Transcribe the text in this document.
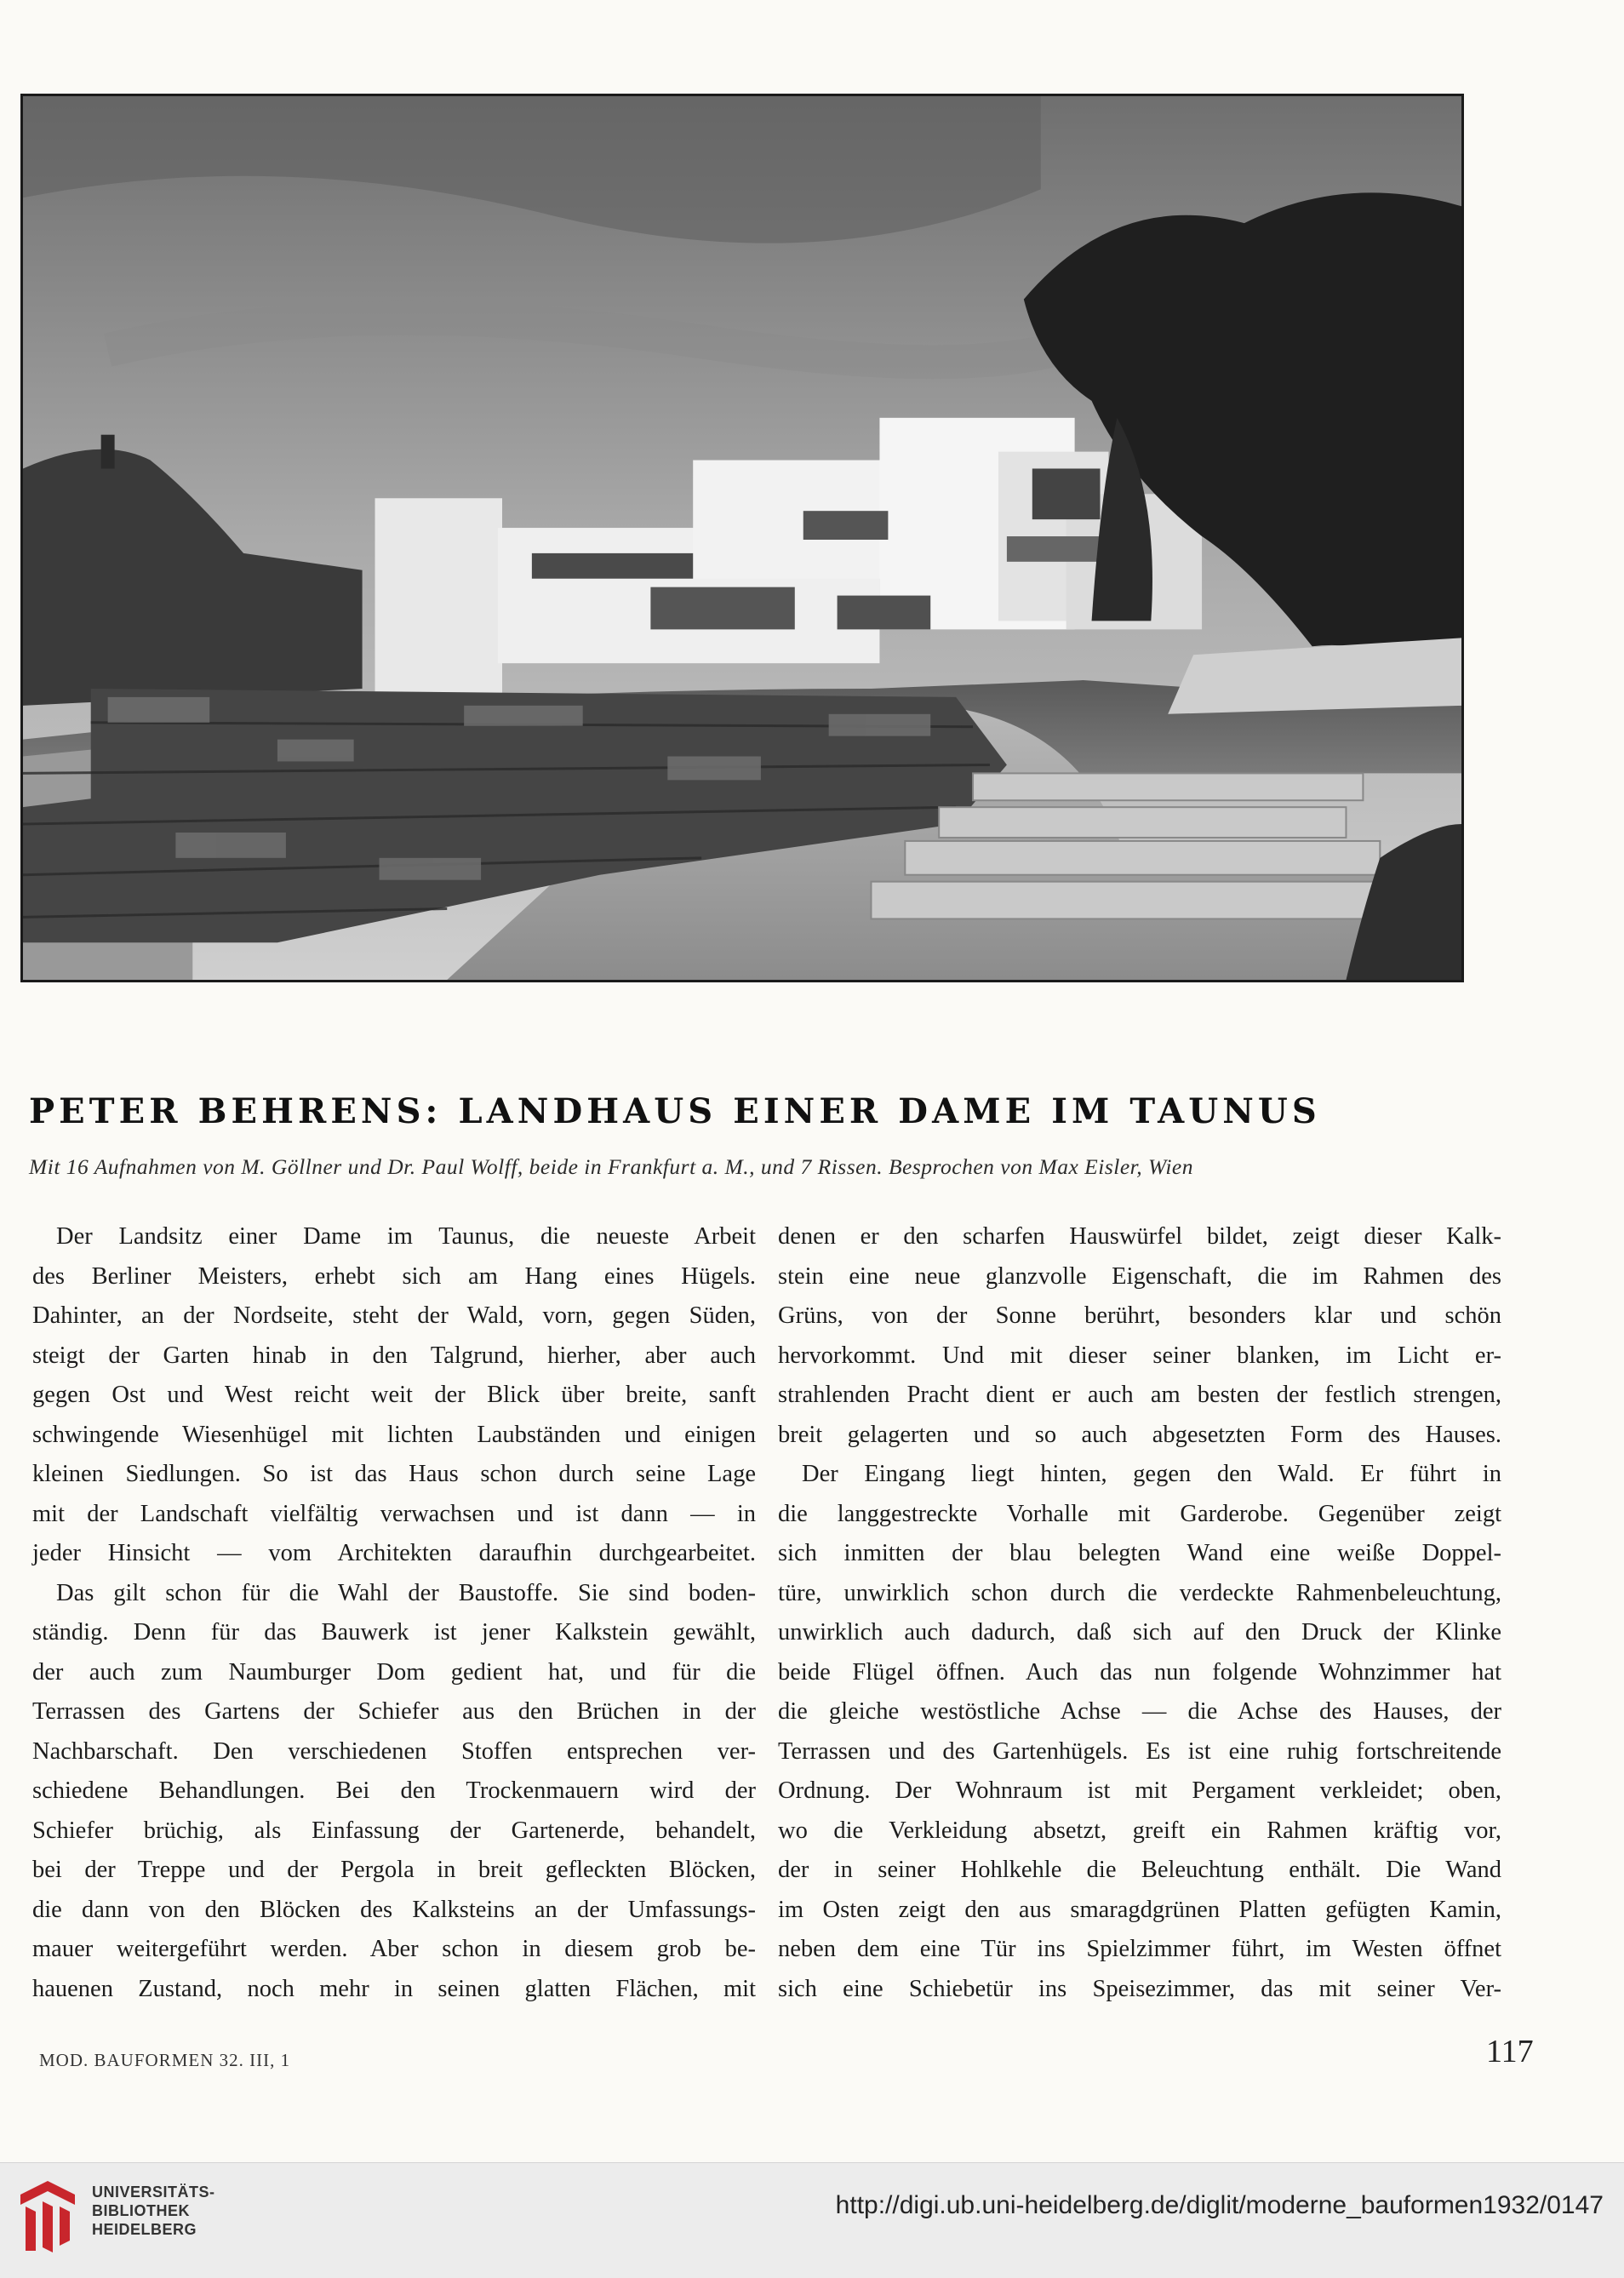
PETER BEHRENS: LANDHAUS EINER DAME IM TAUNUS
Mit 16 Aufnahmen von M. Göllner und Dr. Paul Wolff, beide in Frankfurt a. M., und 7 Rissen. Besprochen von Max Eisler, Wien
Der Landsitz einer Dame im Taunus, die neueste Arbeit
des Berliner Meisters, erhebt sich am Hang eines Hügels.
Dahinter, an der Nordseite, steht der Wald, vorn, gegen Süden,
steigt der Garten hinab in den Talgrund, hierher, aber auch
gegen Ost und West reicht weit der Blick über breite, sanft
schwingende Wiesenhügel mit lichten Laubständen und einigen
kleinen Siedlungen. So ist das Haus schon durch seine Lage
mit der Landschaft vielfältig verwachsen und ist dann — in
jeder Hinsicht — vom Architekten daraufhin durchgearbeitet.
Das gilt schon für die Wahl der Baustoffe. Sie sind boden-
ständig. Denn für das Bauwerk ist jener Kalkstein gewählt,
der auch zum Naumburger Dom gedient hat, und für die
Terrassen des Gartens der Schiefer aus den Brüchen in der
Nachbarschaft. Den verschiedenen Stoffen entsprechen ver-
schiedene Behandlungen. Bei den Trockenmauern wird der
Schiefer brüchig, als Einfassung der Gartenerde, behandelt,
bei der Treppe und der Pergola in breit gefleckten Blöcken,
die dann von den Blöcken des Kalksteins an der Umfassungs-
mauer weitergeführt werden. Aber schon in diesem grob be-
hauenen Zustand, noch mehr in seinen glatten Flächen, mit
denen er den scharfen Hauswürfel bildet, zeigt dieser Kalk-
stein eine neue glanzvolle Eigenschaft, die im Rahmen des
Grüns, von der Sonne berührt, besonders klar und schön
hervorkommt. Und mit dieser seiner blanken, im Licht er-
strahlenden Pracht dient er auch am besten der festlich strengen,
breit gelagerten und so auch abgesetzten Form des Hauses.
Der Eingang liegt hinten, gegen den Wald. Er führt in
die langgestreckte Vorhalle mit Garderobe. Gegenüber zeigt
sich inmitten der blau belegten Wand eine weiße Doppel-
türe, unwirklich schon durch die verdeckte Rahmenbeleuchtung,
unwirklich auch dadurch, daß sich auf den Druck der Klinke
beide Flügel öffnen. Auch das nun folgende Wohnzimmer hat
die gleiche westöstliche Achse — die Achse des Hauses, der
Terrassen und des Gartenhügels. Es ist eine ruhig fortschreitende
Ordnung. Der Wohnraum ist mit Pergament verkleidet; oben,
wo die Verkleidung absetzt, greift ein Rahmen kräftig vor,
der in seiner Hohlkehle die Beleuchtung enthält. Die Wand
im Osten zeigt den aus smaragdgrünen Platten gefügten Kamin,
neben dem eine Tür ins Spielzimmer führt, im Westen öffnet
sich eine Schiebetür ins Speisezimmer, das mit seiner Ver-
MOD. BAUFORMEN 32. III, 1	117
UNIVERSITÄTS-
BIBLIOTHEK
HEIDELBERG
http://digi.ub.uni-heidelberg.de/diglit/moderne_bauformen1932/0147
